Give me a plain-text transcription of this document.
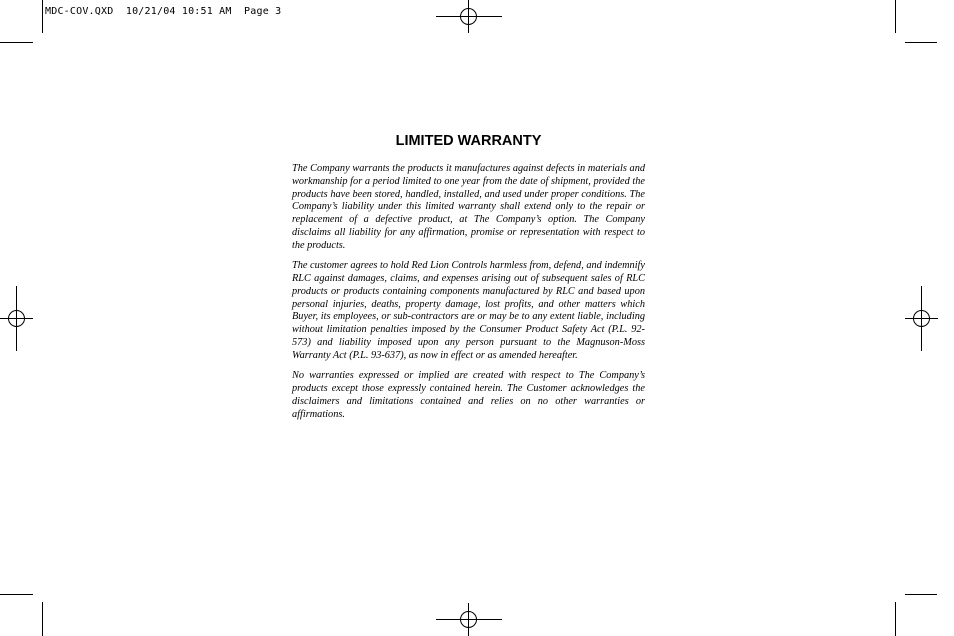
MDC-COV.QXD  10/21/04 10:51 AM  Page 3
LIMITED WARRANTY

The Company warrants the products it manufactures against defects in materials and workmanship for a period limited to one year from the date of shipment, provided the products have been stored, handled, installed, and used under proper conditions. The Company’s liability under this limited warranty shall extend only to the repair or replacement of a defective product, at The Company’s option. The Company disclaims all liability for any affirmation, promise or representation with respect to the products.

The customer agrees to hold Red Lion Controls harmless from, defend, and indemnify RLC against damages, claims, and expenses arising out of subsequent sales of RLC products or products containing components manufactured by RLC and based upon personal injuries, deaths, property damage, lost profits, and other matters which Buyer, its employees, or sub-contractors are or may be to any extent liable, including without limitation penalties imposed by the Consumer Product Safety Act (P.L. 92-573) and liability imposed upon any person pursuant to the Magnuson-Moss Warranty Act (P.L. 93-637), as now in effect or as amended hereafter.

No warranties expressed or implied are created with respect to The Company’s products except those expressly contained herein. The Customer acknowledges the disclaimers and limitations contained and relies on no other warranties or affirmations.
